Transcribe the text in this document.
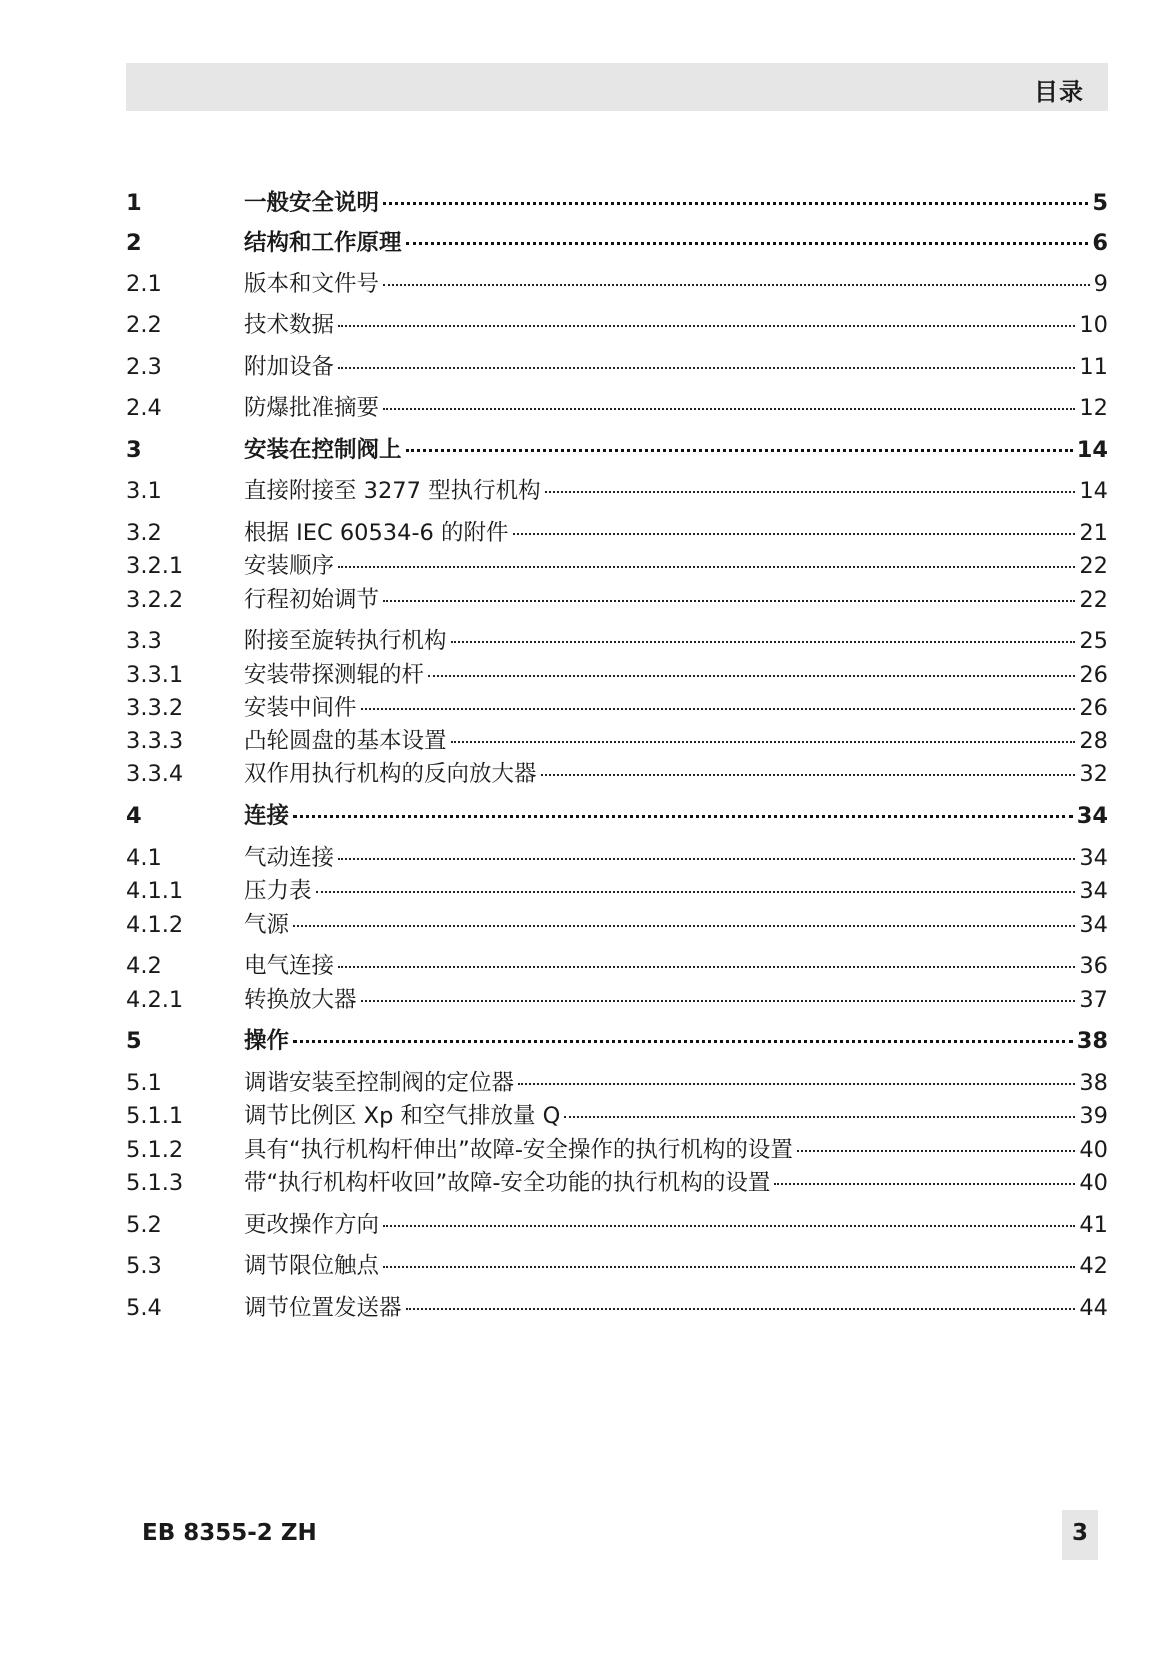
目录
1	一般安全说明	5
2	结构和工作原理	6
2.1	版本和文件号	9
2.2	技术数据	10
2.3	附加设备	11
2.4	防爆批准摘要	12
3	安装在控制阀上	14
3.1	直接附接至 3277 型执行机构	14
3.2	根据 IEC 60534-6 的附件	21
3.2.1	安装顺序	22
3.2.2	行程初始调节	22
3.3	附接至旋转执行机构	25
3.3.1	安装带探测辊的杆	26
3.3.2	安装中间件	26
3.3.3	凸轮圆盘的基本设置	28
3.3.4	双作用执行机构的反向放大器	32
4	连接	34
4.1	气动连接	34
4.1.1	压力表	34
4.1.2	气源	34
4.2	电气连接	36
4.2.1	转换放大器	37
5	操作	38
5.1	调谐安装至控制阀的定位器	38
5.1.1	调节比例区 Xp 和空气排放量 Q	39
5.1.2	具有“执行机构杆伸出”故障-安全操作的执行机构的设置	40
5.1.3	带“执行机构杆收回”故障-安全功能的执行机构的设置	40
5.2	更改操作方向	41
5.3	调节限位触点	42
5.4	调节位置发送器	44
EB 8355-2 ZH	3
